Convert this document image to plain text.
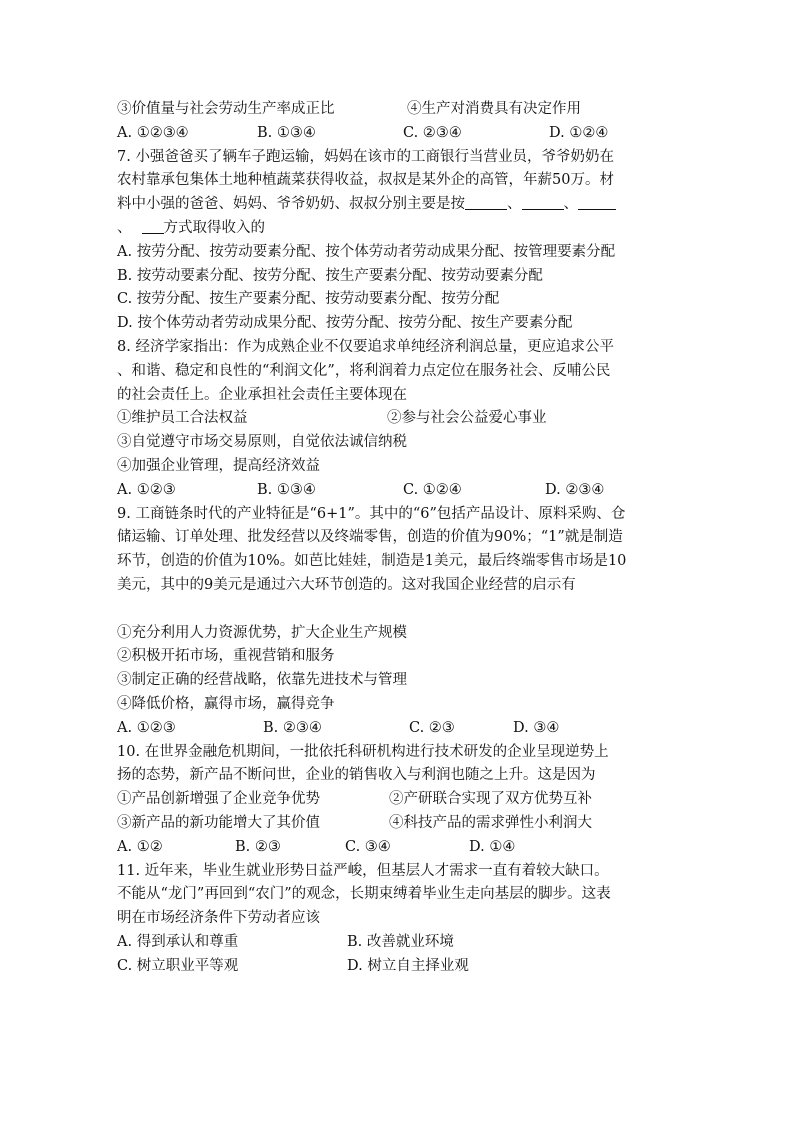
③价值量与社会劳动生产率成正比	④生产对消费具有决定作用
A. ①②③④	B. ①③④	C. ②③④	D. ①②④
7. 小强爸爸买了辆车子跑运输，妈妈在该市的工商银行当营业员，爷爷奶奶在
农村靠承包集体土地种植蔬菜获得收益，叔叔是某外企的高管，年薪50万。材
料中小强的爸爸、妈妈、爷爷奶奶、叔叔分别主要是按	、	、
、 方式取得收入的
A. 按劳分配、按劳动要素分配、按个体劳动者劳动成果分配、按管理要素分配
B. 按劳动要素分配、按劳分配、按生产要素分配、按劳动要素分配
C. 按劳分配、按生产要素分配、按劳动要素分配、按劳分配
D. 按个体劳动者劳动成果分配、按劳分配、按劳分配、按生产要素分配
8. 经济学家指出：作为成熟企业不仅要追求单纯经济利润总量，更应追求公平
、和谐、稳定和良性的“利润文化”，将利润着力点定位在服务社会、反哺公民
的社会责任上。企业承担社会责任主要体现在
①维护员工合法权益	②参与社会公益爱心事业
③自觉遵守市场交易原则，自觉依法诚信纳税
④加强企业管理，提高经济效益
A. ①②③	B. ①③④	C. ①②④	D. ②③④
9. 工商链条时代的产业特征是“6+1”。其中的“6”包括产品设计、原料采购、仓
储运输、订单处理、批发经营以及终端零售，创造的价值为90%；“1”就是制造
环节，创造的价值为10%。如芭比娃娃，制造是1美元，最后终端零售市场是10
美元，其中的9美元是通过六大环节创造的。这对我国企业经营的启示有
①充分利用人力资源优势，扩大企业生产规模
②积极开拓市场，重视营销和服务
③制定正确的经营战略，依靠先进技术与管理
④降低价格，赢得市场，赢得竞争
A. ①②③	B. ②③④	C. ②③	D. ③④
10. 在世界金融危机期间，一批依托科研机构进行技术研发的企业呈现逆势上
扬的态势，新产品不断问世，企业的销售收入与利润也随之上升。这是因为
①产品创新增强了企业竞争优势	②产研联合实现了双方优势互补
③新产品的新功能增大了其价值	④科技产品的需求弹性小利润大
A. ①②	B. ②③	C. ③④	D. ①④
11. 近年来，毕业生就业形势日益严峻，但基层人才需求一直有着较大缺口。
不能从“龙门”再回到“农门”的观念，长期束缚着毕业生走向基层的脚步。这表
明在市场经济条件下劳动者应该
A. 得到承认和尊重	B. 改善就业环境
C. 树立职业平等观	D. 树立自主择业观
